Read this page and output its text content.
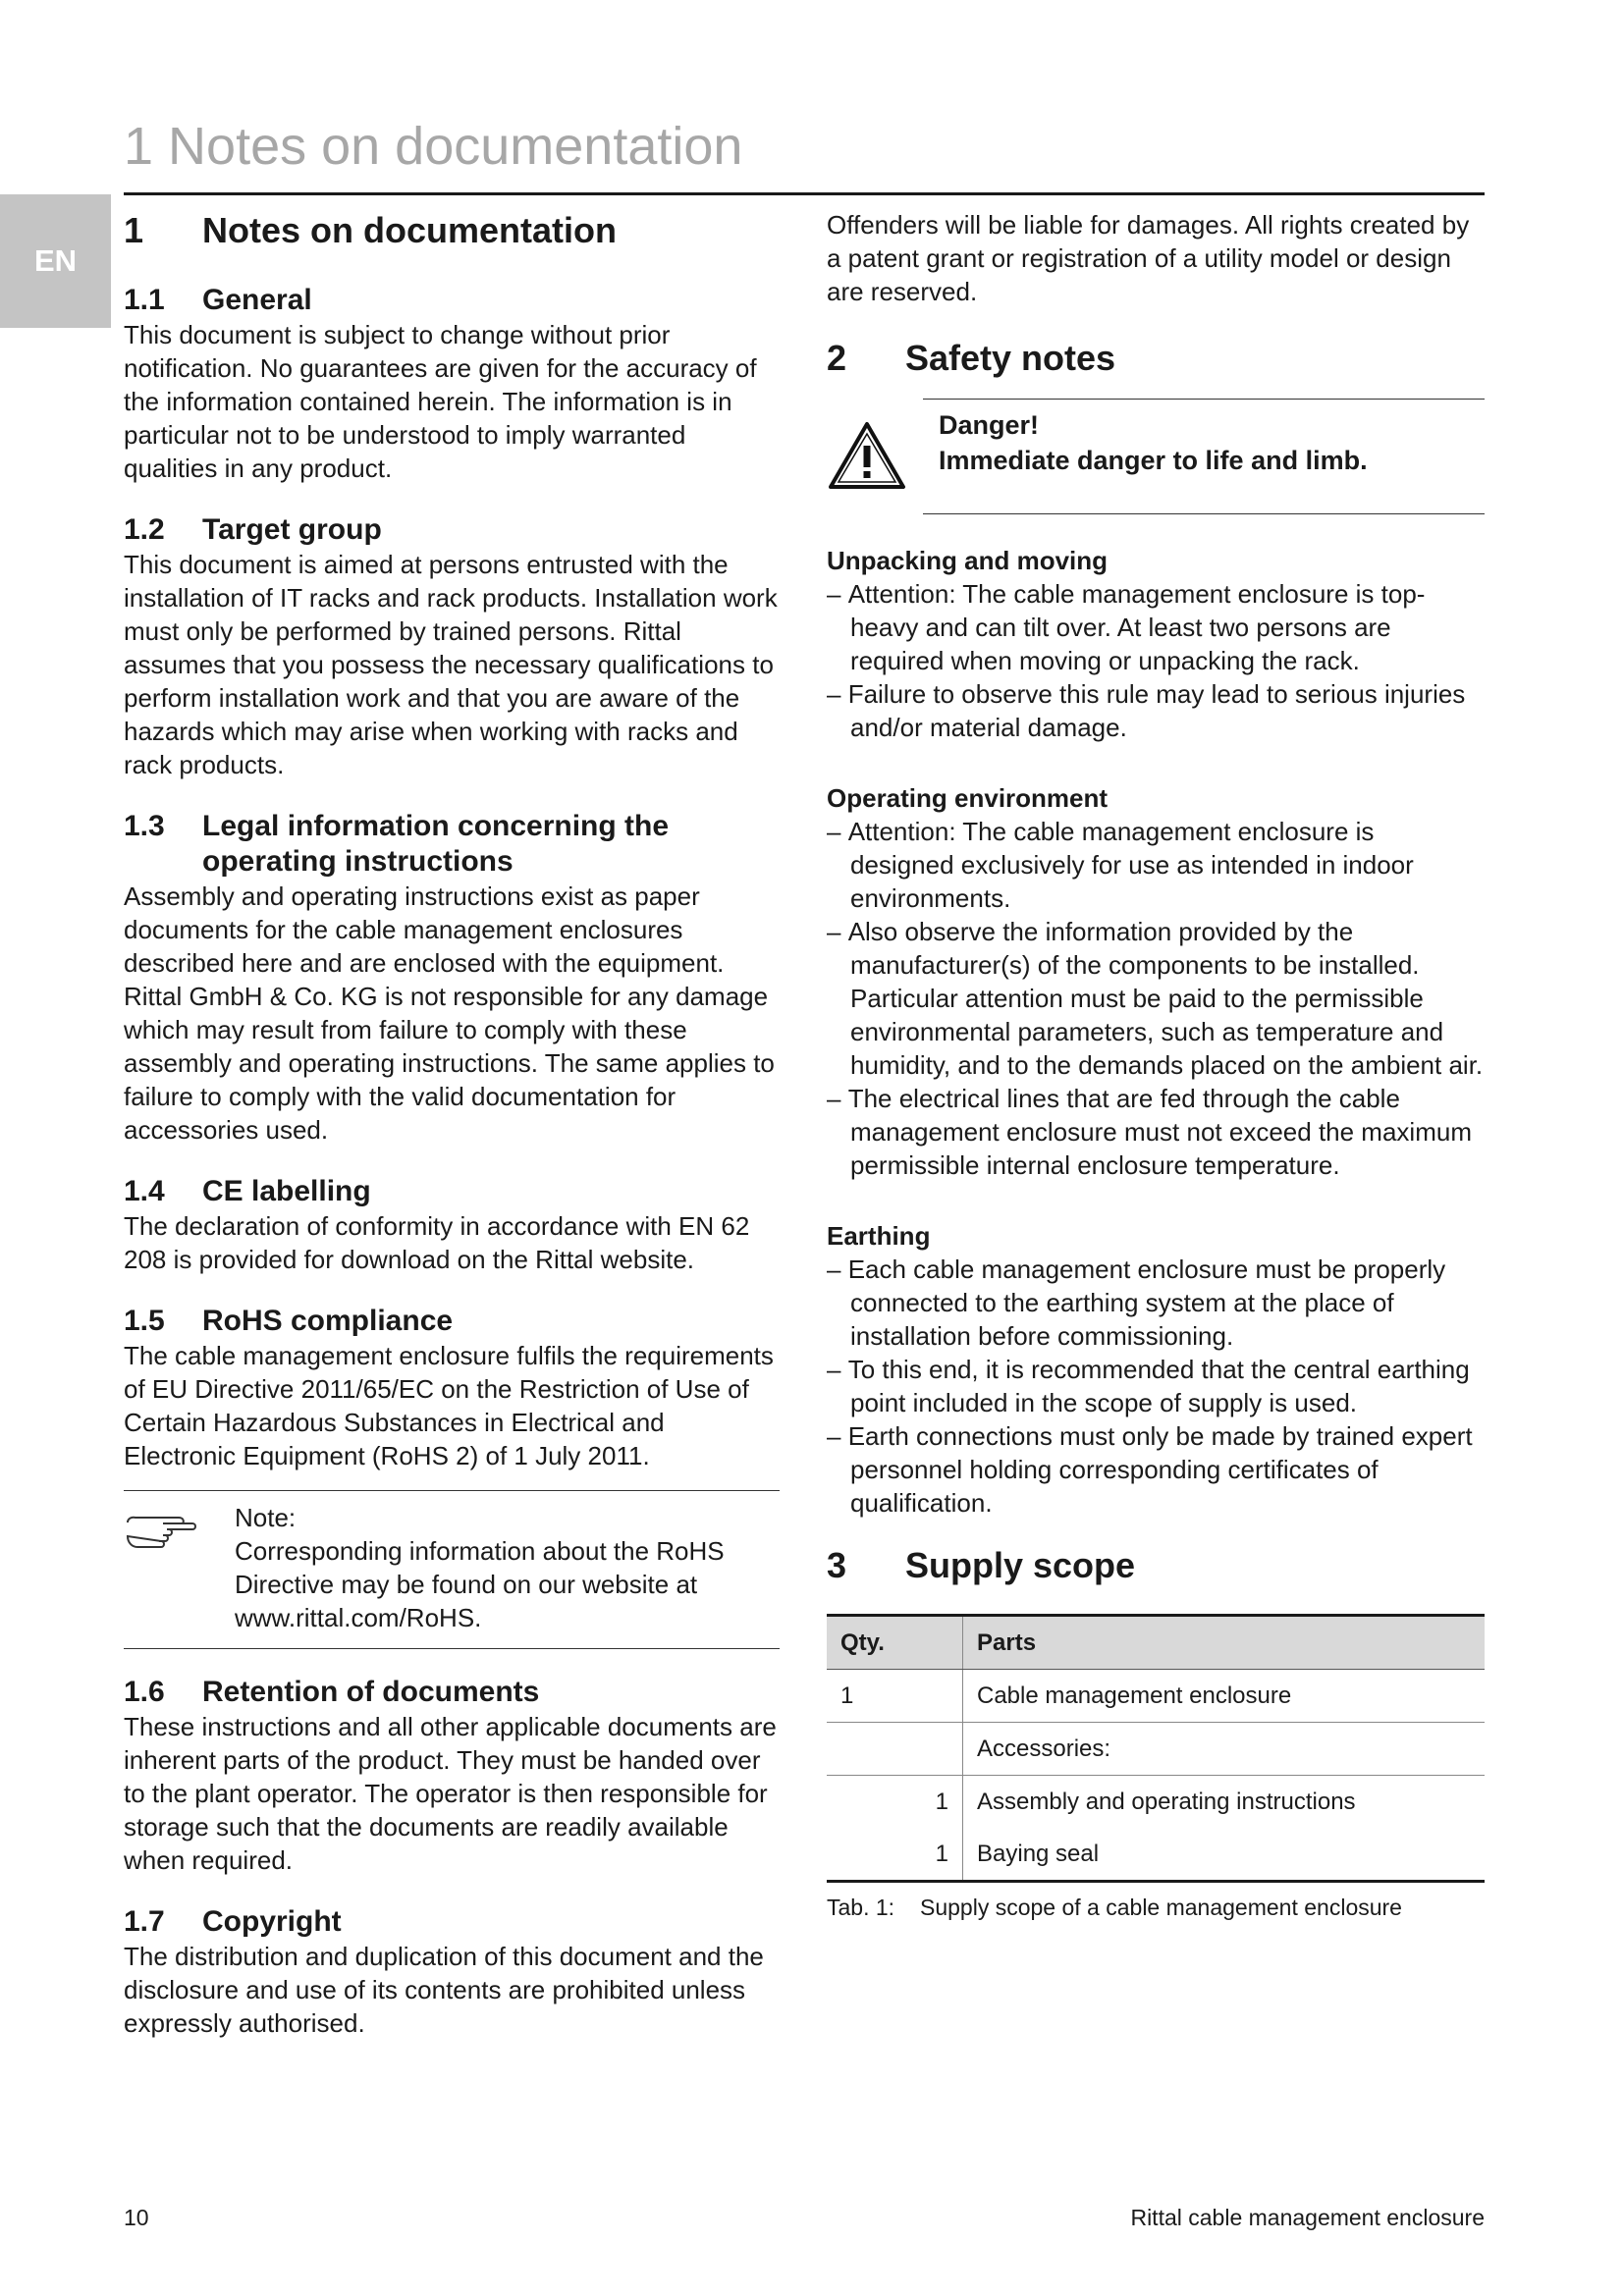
1 Notes on documentation
EN
1	Notes on documentation
1.1	General

This document is subject to change without prior notification. No guarantees are given for the accuracy of the information contained herein. The information is in particular not to be understood to imply warranted qualities in any product.

1.2	Target group

This document is aimed at persons entrusted with the installation of IT racks and rack products. Installation work must only be performed by trained persons. Rittal assumes that you possess the necessary qualifications to perform installation work and that you are aware of the hazards which may arise when working with racks and rack products.

1.3	Legal information concerning the operating instructions

Assembly and operating instructions exist as paper documents for the cable management enclosures described here and are enclosed with the equipment. Rittal GmbH & Co. KG is not responsible for any damage which may result from failure to comply with these assembly and operating instructions. The same applies to failure to comply with the valid documentation for accessories used.

1.4	CE labelling

The declaration of conformity in accordance with EN 62 208 is provided for download on the Rittal website.

1.5	RoHS compliance

The cable management enclosure fulfils the requirements of EU Directive 2011/65/EC on the Restriction of Use of Certain Hazardous Substances in Electrical and Electronic Equipment (RoHS 2) of 1 July 2011.

Note:

Corresponding information about the RoHS Directive may be found on our website at www.rittal.com/RoHS.

1.6	Retention of documents

These instructions and all other applicable documents are inherent parts of the product. They must be handed over to the plant operator. The operator is then responsible for storage such that the documents are readily available when required.

1.7	Copyright

The distribution and duplication of this document and the disclosure and use of its contents are prohibited unless expressly authorised.

Offenders will be liable for damages. All rights created by a patent grant or registration of a utility model or design are reserved.

2	Safety notes
Danger!
Immediate danger to life and limb.
Unpacking and moving
– Attention: The cable management enclosure is top-heavy and can tilt over. At least two persons are required when moving or unpacking the rack.
– Failure to observe this rule may lead to serious injuries and/or material damage.
Operating environment
– Attention: The cable management enclosure is designed exclusively for use as intended in indoor environments.
– Also observe the information provided by the manufacturer(s) of the components to be installed. Particular attention must be paid to the permissible environmental parameters, such as temperature and humidity, and to the demands placed on the ambient air.
– The electrical lines that are fed through the cable management enclosure must not exceed the maximum permissible internal enclosure temperature.
Earthing
– Each cable management enclosure must be properly connected to the earthing system at the place of installation before commissioning.
– To this end, it is recommended that the central earthing point included in the scope of supply is used.
– Earth connections must only be made by trained expert personnel holding corresponding certificates of qualification.
3	Supply scope
Qty.	Parts
1	Cable management enclosure
	Accessories:
1	Assembly and operating instructions
1	Baying seal
Tab. 1:	Supply scope of a cable management enclosure
10	Rittal cable management enclosure
